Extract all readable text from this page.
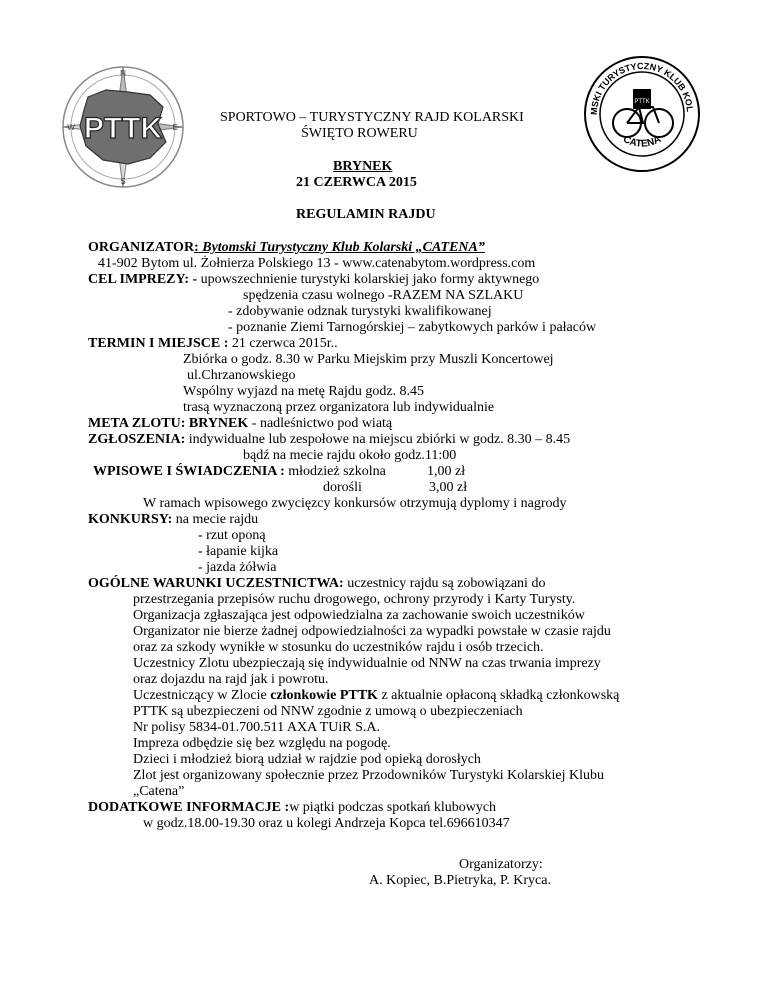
PTTK
N
W	E
S
MSKI TURYSTYCZNY KLUB KOL
CATENA
PTTK
SPORTOWO – TURYSTYCZNY RAJD KOLARSKI
ŚWIĘTO ROWERU
BRYNEK
21 CZERWCA 2015
REGULAMIN RAJDU
ORGANIZATOR: Bytomski Turystyczny Klub Kolarski „CATENA”
41-902 Bytom ul. Żołnierza Polskiego 13 - www.catenabytom.wordpress.com
CEL IMPREZY: - upowszechnienie turystyki kolarskiej jako formy aktywnego
spędzenia czasu wolnego -RAZEM NA SZLAKU
- zdobywanie odznak turystyki kwalifikowanej
- poznanie Ziemi Tarnogórskiej – zabytkowych parków i pałaców
TERMIN I MIEJSCE : 21 czerwca 2015r..
Zbiórka o godz. 8.30 w Parku Miejskim przy Muszli Koncertowej
ul.Chrzanowskiego
Wspólny wyjazd na metę Rajdu godz. 8.45
trasą wyznaczoną przez organizatora lub indywidualnie
META ZLOTU: BRYNEK - nadleśnictwo pod wiatą
ZGŁOSZENIA: indywidualne lub zespołowe na miejscu zbiórki w godz. 8.30 – 8.45
bądź na mecie rajdu około godz.11:00
WPISOWE I ŚWIADCZENIA : młodzież szkolna	1,00 zł
dorośli	3,00 zł
W ramach wpisowego zwycięzcy konkursów otrzymują dyplomy i nagrody
KONKURSY: na mecie rajdu
- rzut oponą
- łapanie kijka
- jazda żółwia
OGÓLNE WARUNKI UCZESTNICTWA: uczestnicy rajdu są zobowiązani do
przestrzegania przepisów ruchu drogowego, ochrony przyrody i Karty Turysty.
Organizacja zgłaszająca jest odpowiedzialna za zachowanie swoich uczestników
Organizator nie bierze żadnej odpowiedzialności za wypadki powstałe w czasie rajdu
oraz za szkody wynikłe w stosunku do uczestników rajdu i osób trzecich.
Uczestnicy Zlotu ubezpieczają się indywidualnie od NNW na czas trwania imprezy
oraz dojazdu na rajd jak i powrotu.
Uczestniczący w Zlocie członkowie PTTK z aktualnie opłaconą składką członkowską
PTTK są ubezpieczeni od NNW zgodnie z umową o ubezpieczeniach
Nr polisy 5834-01.700.511 AXA TUiR S.A.
Impreza odbędzie się bez względu na pogodę.
Dzieci i młodzież biorą udział w rajdzie pod opieką dorosłych
Zlot jest organizowany społecznie przez Przodowników Turystyki Kolarskiej Klubu
„Catena”
DODATKOWE INFORMACJE :w piątki podczas spotkań klubowych
w godz.18.00-19.30 oraz u kolegi Andrzeja Kopca tel.696610347
Organizatorzy:
A. Kopiec, B.Pietryka, P. Kryca.
